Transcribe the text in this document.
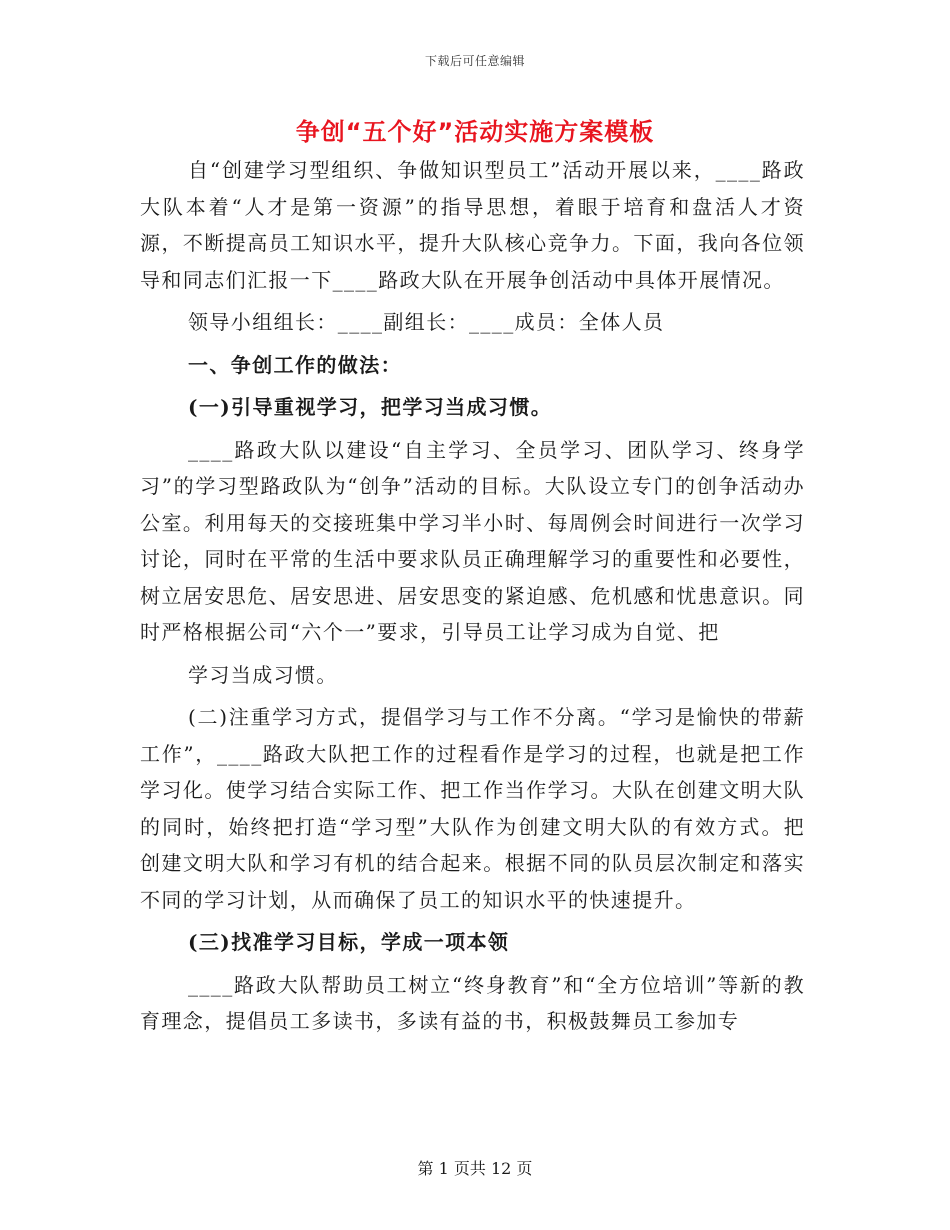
下载后可任意编辑
争创“五个好”活动实施方案模板

自“创建学习型组织、争做知识型员工”活动开展以来，____路政大队本着“人才是第一资源”的指导思想，着眼于培育和盘活人才资源，不断提高员工知识水平，提升大队核心竞争力。下面，我向各位领导和同志们汇报一下____路政大队在开展争创活动中具体开展情况。

领导小组组长：____副组长：____成员：全体人员

一、争创工作的做法：

(一)引导重视学习，把学习当成习惯。

____路政大队以建设“自主学习、全员学习、团队学习、终身学习”的学习型路政队为“创争”活动的目标。大队设立专门的创争活动办公室。利用每天的交接班集中学习半小时、每周例会时间进行一次学习讨论，同时在平常的生活中要求队员正确理解学习的重要性和必要性，树立居安思危、居安思进、居安思变的紧迫感、危机感和忧患意识。同时严格根据公司“六个一”要求，引导员工让学习成为自觉、把

学习当成习惯。

(二)注重学习方式，提倡学习与工作不分离。“学习是愉快的带薪工作”，____路政大队把工作的过程看作是学习的过程，也就是把工作学习化。使学习结合实际工作、把工作当作学习。大队在创建文明大队的同时，始终把打造“学习型”大队作为创建文明大队的有效方式。把创建文明大队和学习有机的结合起来。根据不同的队员层次制定和落实不同的学习计划，从而确保了员工的知识水平的快速提升。

(三)找准学习目标，学成一项本领

____路政大队帮助员工树立“终身教育”和“全方位培训”等新的教育理念，提倡员工多读书，多读有益的书，积极鼓舞员工参加专

第 1 页共 12 页
